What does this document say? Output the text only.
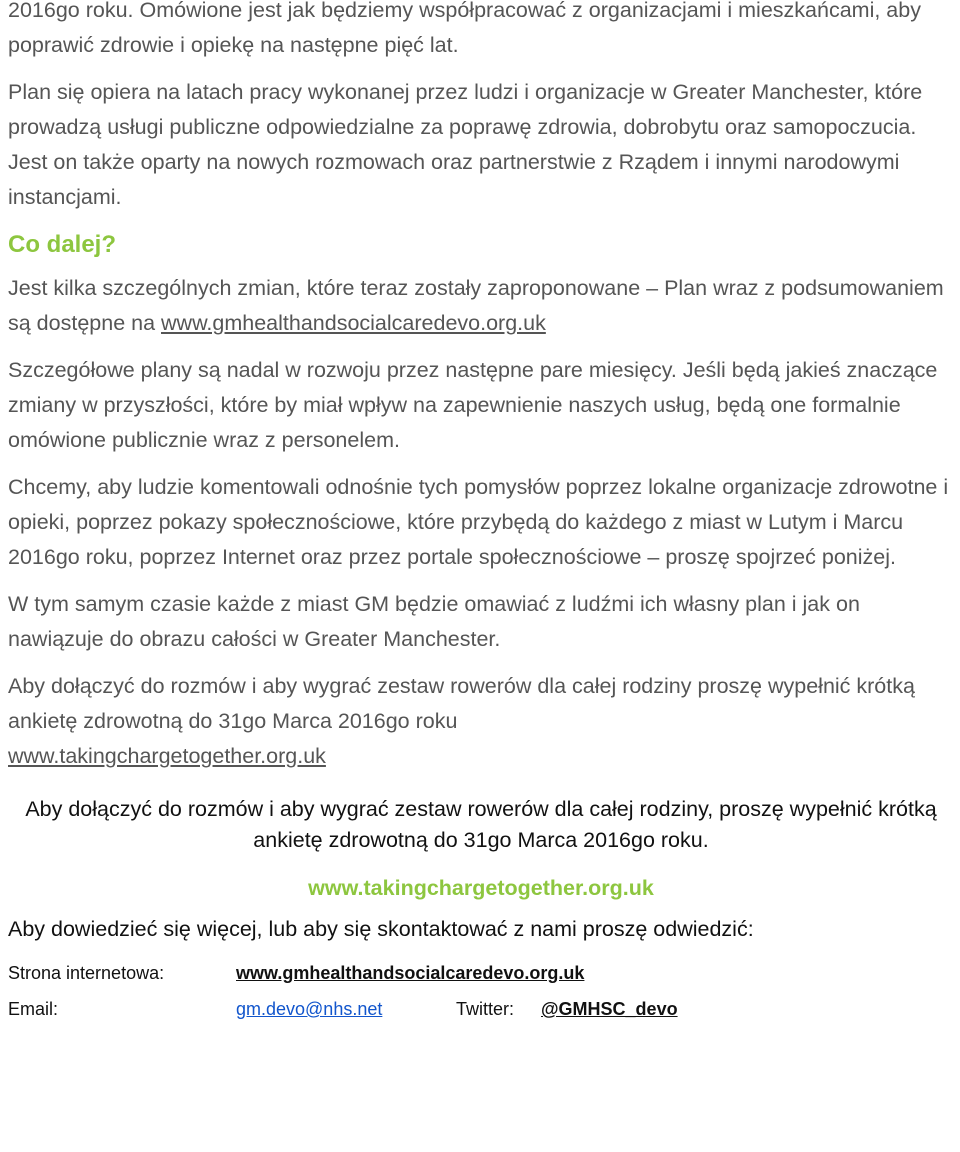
2016go roku. Omówione jest jak będziemy współpracować z organizacjami i mieszkańcami, aby poprawić zdrowie i opiekę na następne pięć lat.

Plan się opiera na latach pracy wykonanej przez ludzi i organizacje w Greater Manchester, które prowadzą usługi publiczne odpowiedzialne za poprawę zdrowia, dobrobytu oraz samopoczucia. Jest on także oparty na nowych rozmowach oraz partnerstwie z Rządem i innymi narodowymi instancjami.

Co dalej?

Jest kilka szczególnych zmian, które teraz zostały zaproponowane – Plan wraz z podsumowaniem są dostępne na www.gmhealthandsocialcaredevo.org.uk

Szczegółowe plany są nadal w rozwoju przez następne pare miesięcy. Jeśli będą jakieś znaczące zmiany w przyszłości, które by miał wpływ na zapewnienie naszych usług, będą one formalnie omówione publicznie wraz z personelem.

Chcemy, aby ludzie komentowali odnośnie tych pomysłów poprzez lokalne organizacje zdrowotne i opieki, poprzez pokazy społecznościowe, które przybędą do każdego z miast w Lutym i Marcu 2016go roku, poprzez Internet oraz przez portale społecznościowe – proszę spojrzeć poniżej.

W tym samym czasie każde z miast GM będzie omawiać z ludźmi ich własny plan i jak on nawiązuje do obrazu całości w Greater Manchester.

Aby dołączyć do rozmów i aby wygrać zestaw rowerów dla całej rodziny proszę wypełnić krótką ankietę zdrowotną do 31go Marca 2016go roku
www.takingchargetogether.org.uk

Aby dołączyć do rozmów i aby wygrać zestaw rowerów dla całej rodziny, proszę wypełnić krótką ankietę zdrowotną do 31go Marca 2016go roku.

www.takingchargetogether.org.uk

Aby dowiedzieć się więcej, lub aby się skontaktować z nami proszę odwiedzić:

Strona internetowa:	www.gmhealthandsocialcaredevo.org.uk
Email:	gm.devo@nhs.net	Twitter: @GMHSC_devo
